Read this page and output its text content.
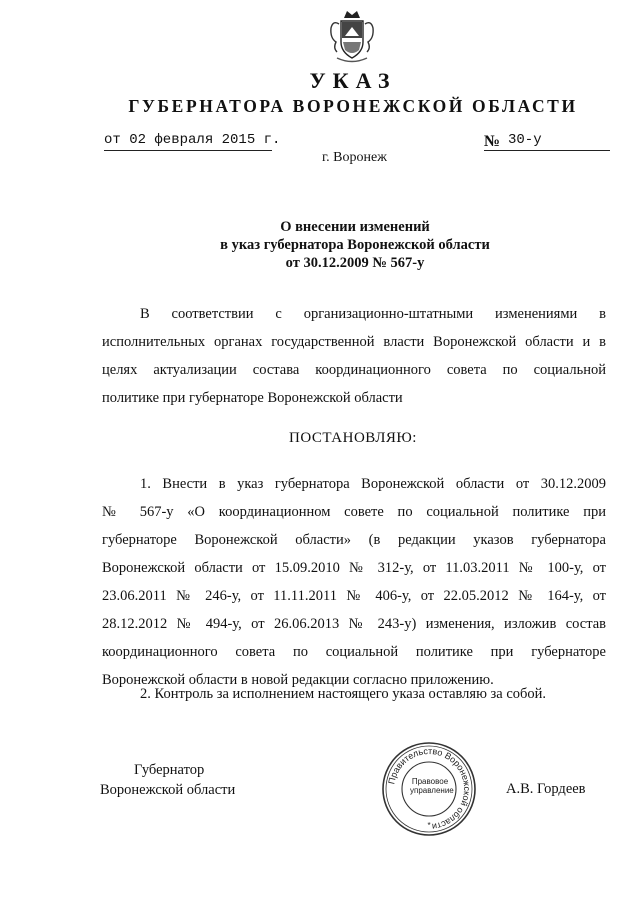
УКАЗ
ГУБЕРНАТОРА ВОРОНЕЖСКОЙ ОБЛАСТИ
от 02 февраля 2015 г.	№ 30-у
г. Воронеж
О внесении изменений
в указ губернатора Воронежской области
от 30.12.2009 № 567-у
В соответствии с организационно-штатными изменениями в
исполнительных органах государственной власти Воронежской области и в
целях актуализации состава координационного совета по социальной
политике при губернаторе Воронежской области
ПОСТАНОВЛЯЮ:
1. Внести в указ губернатора Воронежской области от 30.12.2009
№ 567-у «О координационном совете по социальной политике при
губернаторе Воронежской области» (в редакции указов губернатора
Воронежской области от 15.09.2010 № 312-у, от 11.03.2011 № 100-у, от
23.06.2011 № 246-у, от 11.11.2011 № 406-у, от 22.05.2012 № 164-у, от
28.12.2012 № 494-у, от 26.06.2013 № 243-у) изменения, изложив состав
координационного совета по социальной политике при губернаторе
Воронежской области в новой редакции согласно приложению.
2. Контроль за исполнением настоящего указа оставляю за собой.
Губернатор
Воронежской области
Правительство Воронежской области
*
Правовое
управление	А.В. Гордеев
